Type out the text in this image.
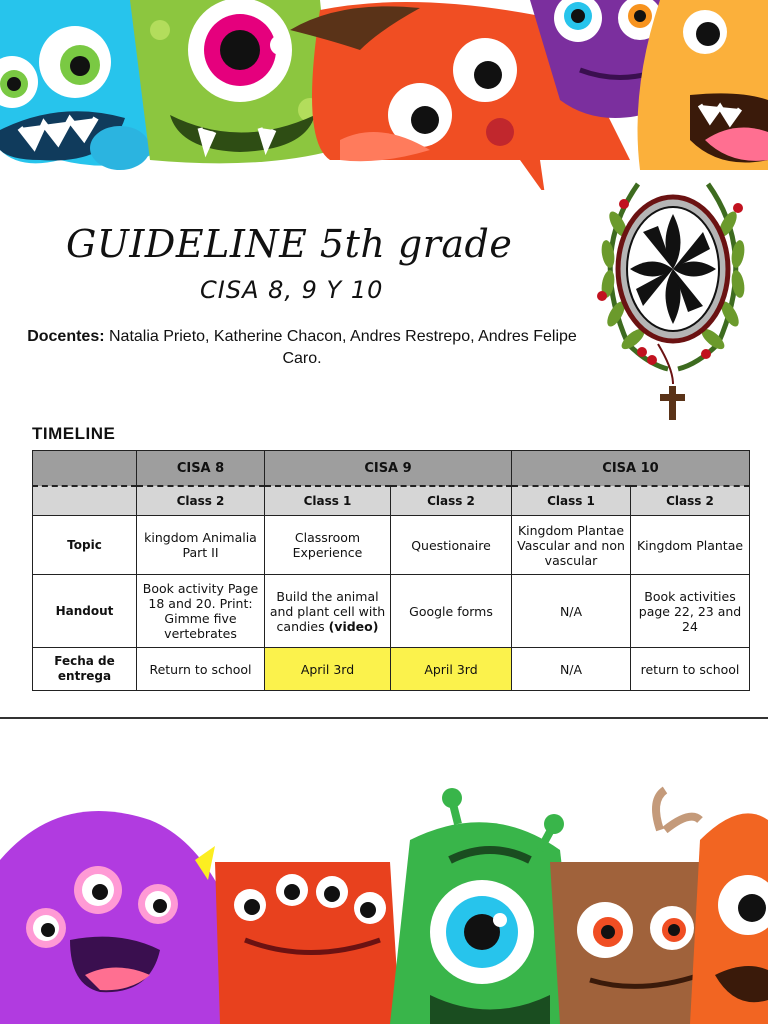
GUIDELINE 5th grade
CISA 8, 9 Y 10
Docentes: Natalia Prieto, Katherine Chacon, Andres Restrepo, Andres Felipe Caro.
TIMELINE
	CISA 8	CISA 9		CISA 10	
	Class 2	Class 1	Class 2	Class 1	Class 2
Topic	kingdom Animalia Part II	Classroom Experience	Questionaire	Kingdom Plantae Vascular and non vascular	Kingdom Plantae
Handout	Book activity Page 18 and 20. Print: Gimme five vertebrates	Build the animal and plant cell with candies (video)	Google forms	N/A	Book activities page 22, 23 and 24
Fecha de entrega	Return to school	April 3rd	April 3rd	N/A	return to school
